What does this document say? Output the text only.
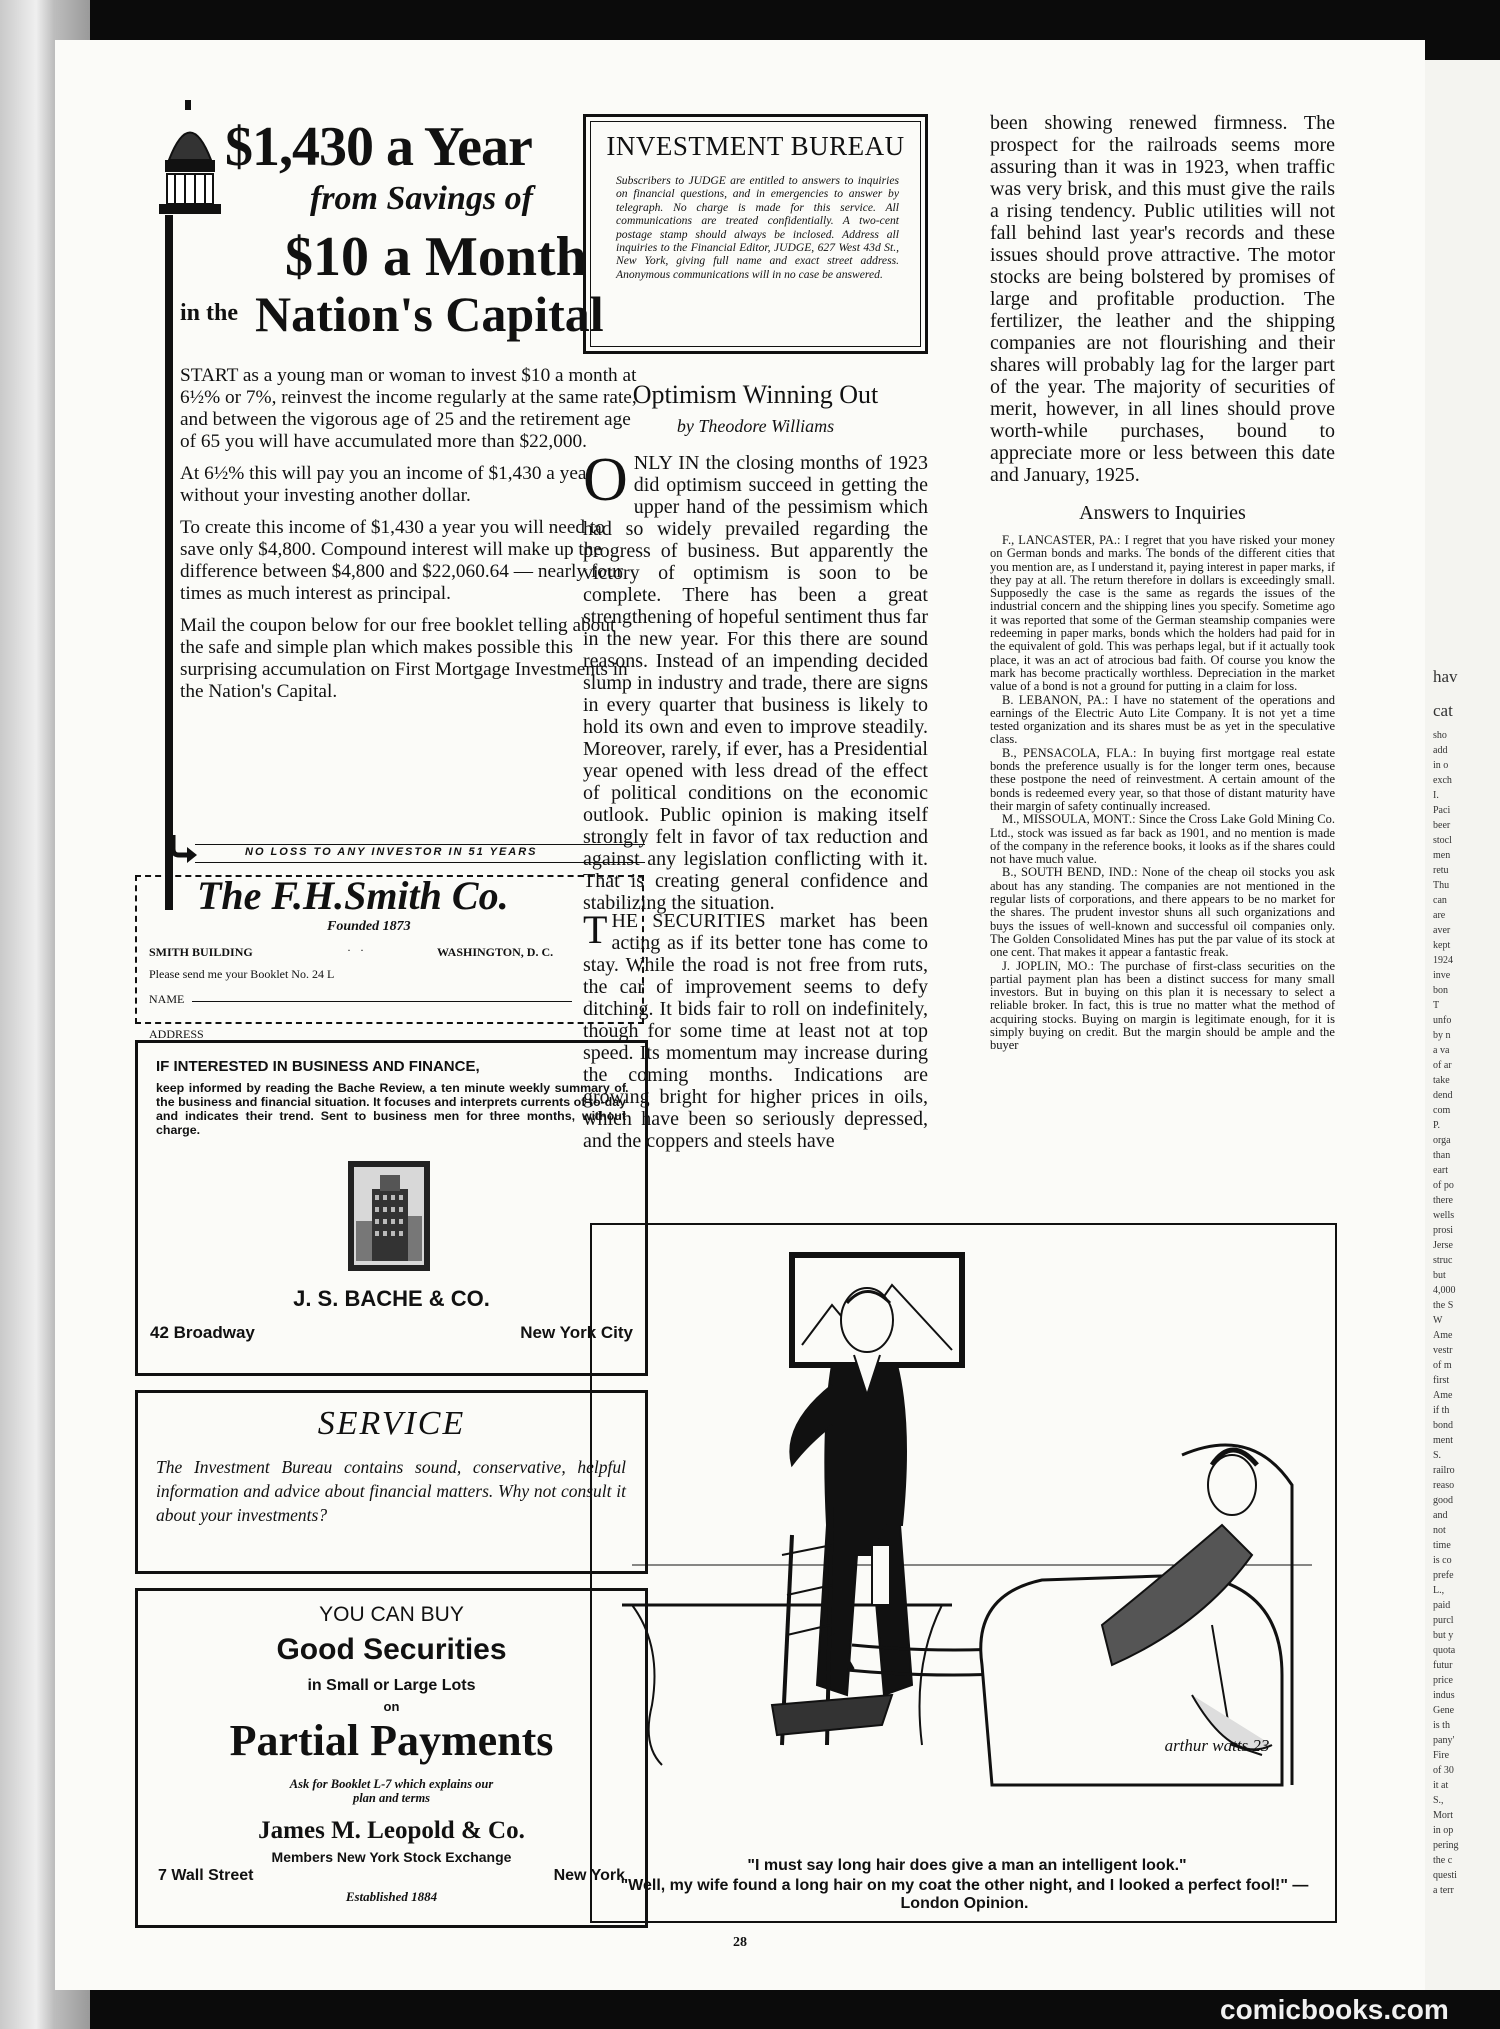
$1,430 a Year
from Savings of
$10 a Month
in the Nation's Capital

START as a young man or woman to invest $10 a month at 6½% or 7%, reinvest the income regularly at the same rate, and between the vigorous age of 25 and the retirement age of 65 you will have accumulated more than $22,000.

At 6½% this will pay you an income of $1,430 a year without your investing another dollar.

To create this income of $1,430 a year you will need to save only $4,800. Compound interest will make up the difference between $4,800 and $22,060.64 — nearly four times as much interest as principal.

Mail the coupon below for our free booklet telling about the safe and simple plan which makes possible this surprising accumulation on First Mortgage Investments in the Nation's Capital.

NO LOSS TO ANY INVESTOR IN 51 YEARS
The F.H.Smith Co.
Founded 1873
SMITH BUILDING	·   ·	WASHINGTON, D. C.
Please send me your Booklet No. 24 L
NAME
ADDRESS
IF INTERESTED IN BUSINESS AND FINANCE,
keep informed by reading the Bache Review, a ten minute weekly summary of the business and financial situation. It focuses and interprets currents of to-day and indicates their trend. Sent to business men for three months, without charge.
J. S. BACHE & CO.
42 Broadway	New York City
SERVICE
The Investment Bureau contains sound, conservative, helpful information and advice about financial matters. Why not consult it about your investments?
YOU CAN BUY
Good Securities
in Small or Large Lots
on
Partial Payments
Ask for Booklet L-7 which explains our plan and terms
James M. Leopold & Co.
Members New York Stock Exchange
7 Wall Street	New York
Established 1884
INVESTMENT BUREAU
Subscribers to JUDGE are entitled to answers to inquiries on financial questions, and in emergencies to answer by telegraph. No charge is made for this service. All communications are treated confidentially. A two-cent postage stamp should always be inclosed. Address all inquiries to the Financial Editor, JUDGE, 627 West 43d St., New York, giving full name and exact street address. Anonymous communications will in no case be answered.
Optimism Winning Out
by Theodore Williams
O NLY IN the closing months of 1923 did optimism succeed in getting the upper hand of the pessimism which had so widely prevailed regarding the progress of business. But apparently the victory of optimism is soon to be complete. There has been a great strengthening of hopeful sentiment thus far in the new year. For this there are sound reasons. Instead of an impending decided slump in industry and trade, there are signs in every quarter that business is likely to hold its own and even to improve steadily. Moreover, rarely, if ever, has a Presidential year opened with less dread of the effect of political conditions on the economic outlook. Public opinion is making itself strongly felt in favor of tax reduction and against any legislation conflicting with it. That is creating general confidence and stabilizing the situation.
T HE SECURITIES market has been acting as if its better tone has come to stay. While the road is not free from ruts, the car of improvement seems to defy ditching. It bids fair to roll on indefinitely, though for some time at least not at top speed. Its momentum may increase during the coming months. Indications are growing bright for higher prices in oils, which have been so seriously depressed, and the coppers and steels have
been showing renewed firmness. The prospect for the railroads seems more assuring than it was in 1923, when traffic was very brisk, and this must give the rails a rising tendency. Public utilities will not fall behind last year's records and these issues should prove attractive. The motor stocks are being bolstered by promises of large and profitable production. The fertilizer, the leather and the shipping companies are not flourishing and their shares will probably lag for the larger part of the year. The majority of securities of merit, however, in all lines should prove worth-while purchases, bound to appreciate more or less between this date and January, 1925.
Answers to Inquiries

F., LANCASTER, PA.: I regret that you have risked your money on German bonds and marks. The bonds of the different cities that you mention are, as I understand it, paying interest in paper marks, if they pay at all. The return therefore in dollars is exceedingly small. Supposedly the case is the same as regards the issues of the industrial concern and the shipping lines you specify. Sometime ago it was reported that some of the German steamship companies were redeeming in paper marks, bonds which the holders had paid for in the equivalent of gold. This was perhaps legal, but if it actually took place, it was an act of atrocious bad faith. Of course you know the mark has become practically worthless. Depreciation in the market value of a bond is not a ground for putting in a claim for loss.

B. LEBANON, PA.: I have no statement of the operations and earnings of the Electric Auto Lite Company. It is not yet a time tested organization and its shares must be as yet in the speculative class.

B., PENSACOLA, FLA.: In buying first mortgage real estate bonds the preference usually is for the longer term ones, because these postpone the need of reinvestment. A certain amount of the bonds is redeemed every year, so that those of distant maturity have their margin of safety continually increased.

M., MISSOULA, MONT.: Since the Cross Lake Gold Mining Co. Ltd., stock was issued as far back as 1901, and no mention is made of the company in the reference books, it looks as if the shares could not have much value.

B., SOUTH BEND, IND.: None of the cheap oil stocks you ask about has any standing. The companies are not mentioned in the regular lists of corporations, and there appears to be no market for the shares. The prudent investor shuns all such organizations and buys the issues of well-known and successful oil companies only. The Golden Consolidated Mines has put the par value of its stock at one cent. That makes it appear a fantastic freak.

J. JOPLIN, MO.: The purchase of first-class securities on the partial payment plan has been a distinct success for many small investors. But in buying on this plan it is necessary to select a reliable broker. In fact, this is true no matter what the method of acquiring stocks. Buying on margin is legitimate enough, for it is simply buying on credit. But the margin should be ample and the buyer

arthur watts 23
"I must say long hair does give a man an intelligent look."
"Well, my wife found a long hair on my coat the other night, and I looked a perfect fool!" — London Opinion.
28
hav
cat
sho
add
in o
exch
I.
Paci
beer
stocl
men
retu
Thu
can
are
aver
kept
1924
inve
bon
T
unfo
by n
a va
of ar
take
dend
com
P.
orga
than
eart
of po
there
wells
prosi
Jerse
struc
but
4,000
the S
W
Ame
vestr
of m
first
Ame
if th
bond
ment
S.
railro
reaso
good
and
not
time
is co
prefe
L.,
paid
purcl
but y
quota
futur
price
indus
Gene
is th
pany'
Fire
of 30
it at
S.,
Mort
in op
pering
the c
questi
a terr
comicbooks.com
